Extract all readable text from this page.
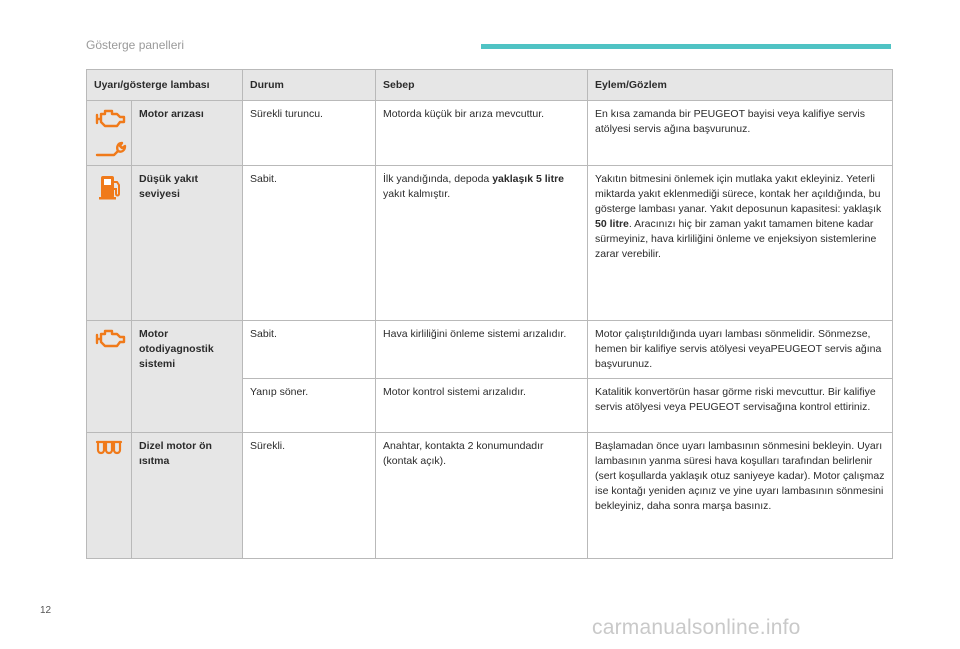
Gösterge panelleri
Uyarı/gösterge lambası		Durum	Sebep	Eylem/Gözlem

	Motor arızası	Sürekli turuncu.	Motorda küçük bir arıza mevcuttur.	En kısa zamanda bir PEUGEOT bayisi veya kalifiye servis atölyesi servis ağına başvurunuz.

	Düşük yakıt seviyesi	Sabit.	İlk yandığında, depoda yaklaşık 5 litre yakıt kalmıştır.	Yakıtın bitmesini önlemek için mutlaka yakıt ekleyiniz. Yeterli miktarda yakıt eklenmediği sürece, kontak her açıldığında, bu gösterge lambası yanar. Yakıt deposunun kapasitesi: yaklaşık 50 litre. Aracınızı hiç bir zaman yakıt tamamen bitene kadar sürmeyiniz, hava kirliliğini önleme ve enjeksiyon sistemlerine zarar verebilir.

	Motor otodiyagnostik sistemi	Sabit.	Hava kirliliğini önleme sistemi arızalıdır.	Motor çalıştırıldığında uyarı lambası sönmelidir. Sönmezse, hemen bir kalifiye servis atölyesi veyaPEUGEOT servis ağına başvurunuz.
		Yanıp söner.	Motor kontrol sistemi arızalıdır.	Katalitik konvertörün hasar görme riski mevcuttur. Bir kalifiye servis atölyesi veya PEUGEOT servisağına kontrol ettiriniz.

	Dizel motor ön ısıtma	Sürekli.	Anahtar, kontakta 2 konumundadır (kontak açık).	Başlamadan önce uyarı lambasının sönmesini bekleyin. Uyarı lambasının yanma süresi hava koşulları tarafından belirlenir (sert koşullarda yaklaşık otuz saniyeye kadar). Motor çalışmaz ise kontağı yeniden açınız ve yine uyarı lambasının sönmesini bekleyiniz, daha sonra marşa basınız.
12
carmanualsonline.info
